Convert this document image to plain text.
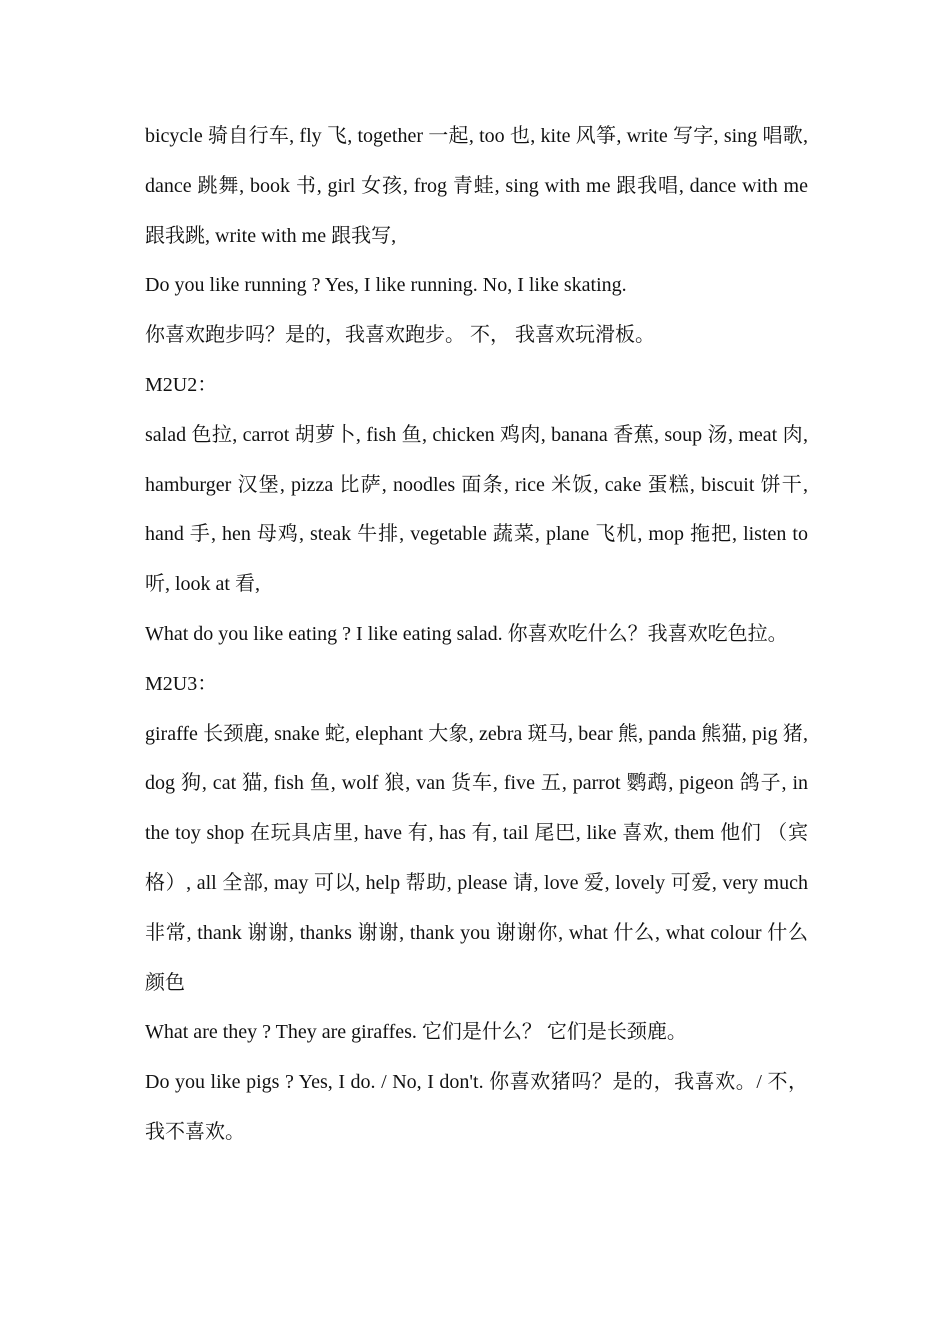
bicycle 骑自行车, fly 飞, together 一起, too 也, kite 风筝, write 写字, sing 唱歌, dance 跳舞, book 书, girl 女孩, frog 青蛙, sing with me 跟我唱, dance with me 跟我跳, write with me 跟我写,

Do you like running ? Yes, I like running. No, I like skating.

你喜欢跑步吗？是的，我喜欢跑步。 不， 我喜欢玩滑板。

M2U2：

salad 色拉, carrot 胡萝卜, fish 鱼, chicken 鸡肉, banana 香蕉, soup 汤, meat 肉, hamburger 汉堡, pizza 比萨, noodles 面条, rice 米饭, cake 蛋糕, biscuit 饼干, hand 手, hen 母鸡, steak 牛排, vegetable 蔬菜, plane 飞机, mop 拖把, listen to 听, look at 看,

What do you like eating ? I like eating salad. 你喜欢吃什么？我喜欢吃色拉。

M2U3：

giraffe 长颈鹿, snake 蛇, elephant 大象, zebra 斑马, bear 熊, panda 熊猫, pig 猪, dog 狗, cat 猫, fish 鱼, wolf 狼, van 货车, five 五, parrot 鹦鹉, pigeon 鸽子, in the toy shop 在玩具店里, have 有, has 有, tail 尾巴, like 喜欢, them 他们 （宾格）, all 全部, may 可以, help 帮助, please 请, love 爱, lovely 可爱, very much 非常, thank 谢谢, thanks 谢谢, thank you 谢谢你, what 什么, what colour 什么颜色

What are they ? They are giraffes. 它们是什么？ 它们是长颈鹿。

Do you like pigs ? Yes, I do. / No, I don't. 你喜欢猪吗？是的，我喜欢。/ 不， 我不喜欢。
